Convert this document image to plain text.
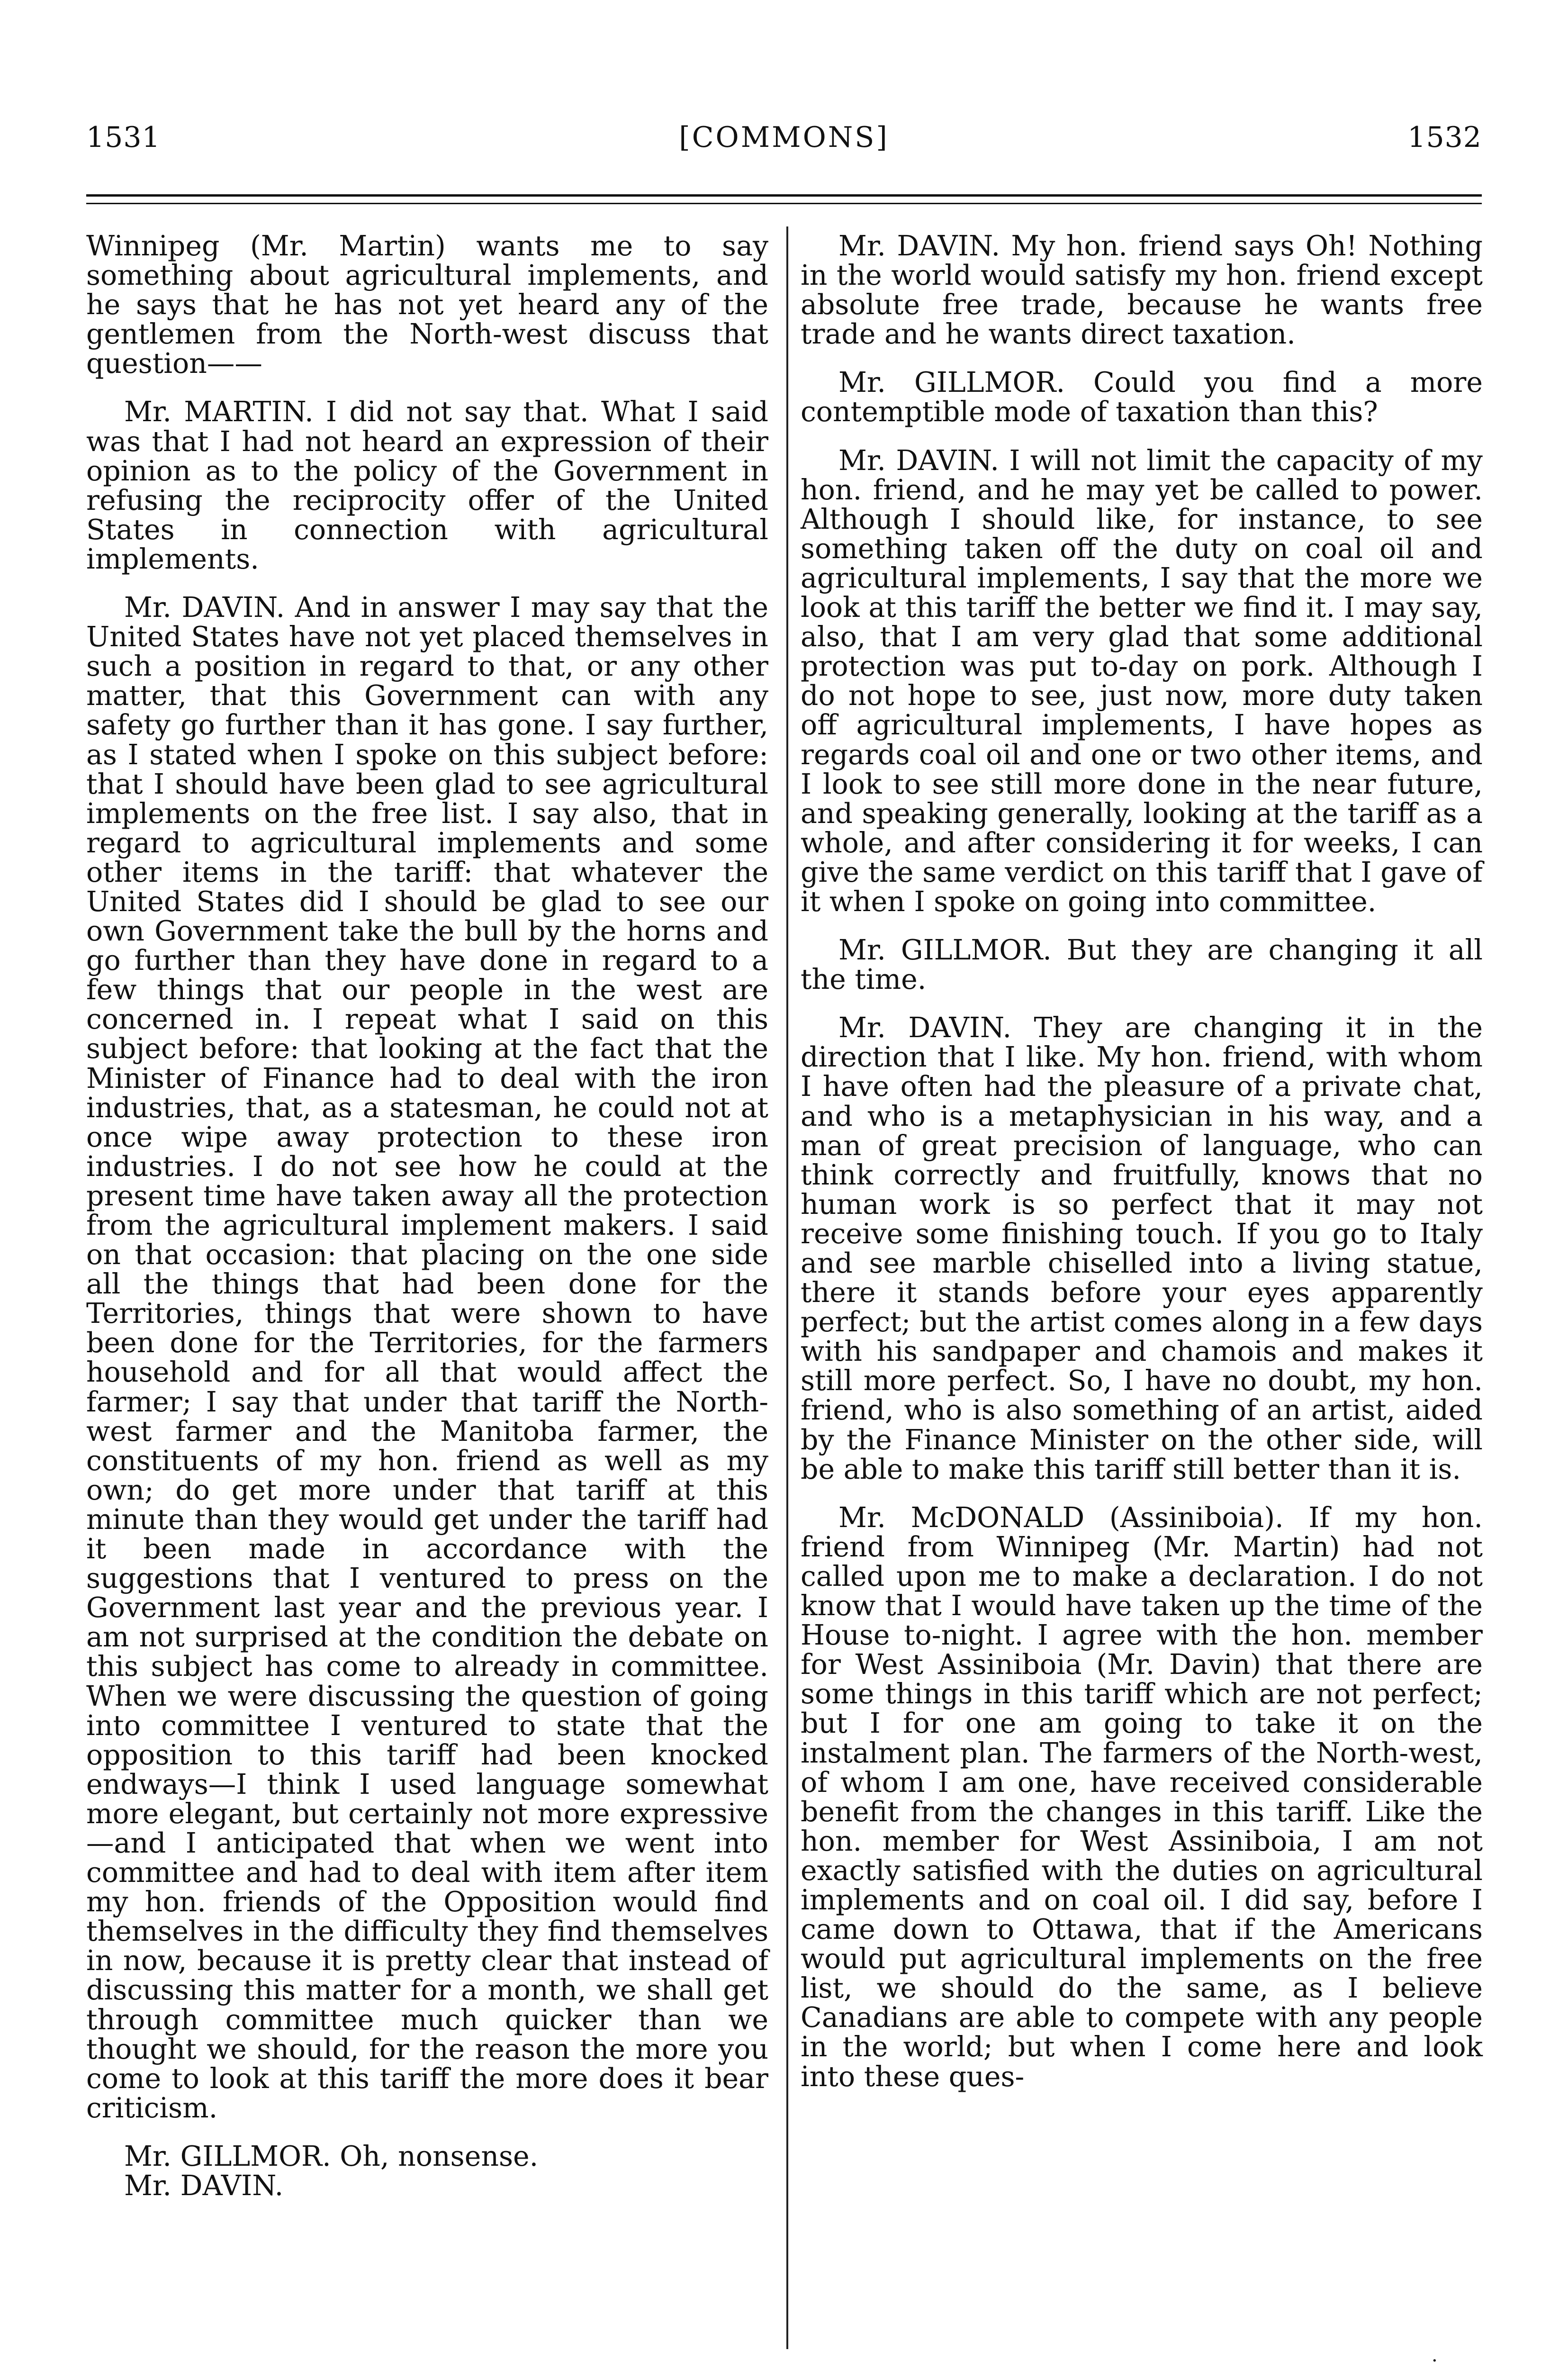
1531	[COMMONS]	1532

Winnipeg (Mr. Martin) wants me to say something about agricultural implements, and he says that he has not yet heard any of the gentlemen from the North-west discuss that question——

Mr. MARTIN. I did not say that. What I said was that I had not heard an expression of their opinion as to the policy of the Government in refusing the reciprocity offer of the United States in connection with agricultural implements.

Mr. DAVIN. And in answer I may say that the United States have not yet placed themselves in such a position in regard to that, or any other matter, that this Government can with any safety go further than it has gone. I say further, as I stated when I spoke on this subject before: that I should have been glad to see agricultural implements on the free list. I say also, that in regard to agricultural implements and some other items in the tariff: that whatever the United States did I should be glad to see our own Government take the bull by the horns and go further than they have done in regard to a few things that our people in the west are concerned in. I repeat what I said on this subject before: that looking at the fact that the Minister of Finance had to deal with the iron industries, that, as a statesman, he could not at once wipe away protection to these iron industries. I do not see how he could at the present time have taken away all the protection from the agricultural implement makers. I said on that occasion: that placing on the one side all the things that had been done for the Territories, things that were shown to have been done for the Territories, for the farmers household and for all that would affect the farmer; I say that under that tariff the North-west farmer and the Manitoba farmer, the constituents of my hon. friend as well as my own; do get more under that tariff at this minute than they would get under the tariff had it been made in accordance with the suggestions that I ventured to press on the Government last year and the previous year. I am not surprised at the condition the debate on this subject has come to already in committee. When we were discussing the question of going into committee I ventured to state that the opposition to this tariff had been knocked endways—I think I used language somewhat more elegant, but certainly not more expressive—and I anticipated that when we went into committee and had to deal with item after item my hon. friends of the Opposition would find themselves in the difficulty they find themselves in now, because it is pretty clear that instead of discussing this matter for a month, we shall get through committee much quicker than we thought we should, for the reason the more you come to look at this tariff the more does it bear criticism.

Mr. GILLMOR. Oh, nonsense.

Mr. DAVIN.

Mr. DAVIN. My hon. friend says Oh! Nothing in the world would satisfy my hon. friend except absolute free trade, because he wants free trade and he wants direct taxation.

Mr. GILLMOR. Could you find a more contemptible mode of taxation than this?

Mr. DAVIN. I will not limit the capacity of my hon. friend, and he may yet be called to power. Although I should like, for instance, to see something taken off the duty on coal oil and agricultural implements, I say that the more we look at this tariff the better we find it. I may say, also, that I am very glad that some additional protection was put to-day on pork. Although I do not hope to see, just now, more duty taken off agricultural implements, I have hopes as regards coal oil and one or two other items, and I look to see still more done in the near future, and speaking generally, looking at the tariff as a whole, and after considering it for weeks, I can give the same verdict on this tariff that I gave of it when I spoke on going into committee.

Mr. GILLMOR. But they are changing it all the time.

Mr. DAVIN. They are changing it in the direction that I like. My hon. friend, with whom I have often had the pleasure of a private chat, and who is a metaphysician in his way, and a man of great precision of language, who can think correctly and fruitfully, knows that no human work is so perfect that it may not receive some finishing touch. If you go to Italy and see marble chiselled into a living statue, there it stands before your eyes apparently perfect; but the artist comes along in a few days with his sandpaper and chamois and makes it still more perfect. So, I have no doubt, my hon. friend, who is also something of an artist, aided by the Finance Minister on the other side, will be able to make this tariff still better than it is.

Mr. McDONALD (Assiniboia). If my hon. friend from Winnipeg (Mr. Martin) had not called upon me to make a declaration. I do not know that I would have taken up the time of the House to-night. I agree with the hon. member for West Assiniboia (Mr. Davin) that there are some things in this tariff which are not perfect; but I for one am going to take it on the instalment plan. The farmers of the North-west, of whom I am one, have received considerable benefit from the changes in this tariff. Like the hon. member for West Assiniboia, I am not exactly satisfied with the duties on agricultural implements and on coal oil. I did say, before I came down to Ottawa, that if the Americans would put agricultural implements on the free list, we should do the same, as I believe Canadians are able to compete with any people in the world; but when I come here and look into these ques-

·
